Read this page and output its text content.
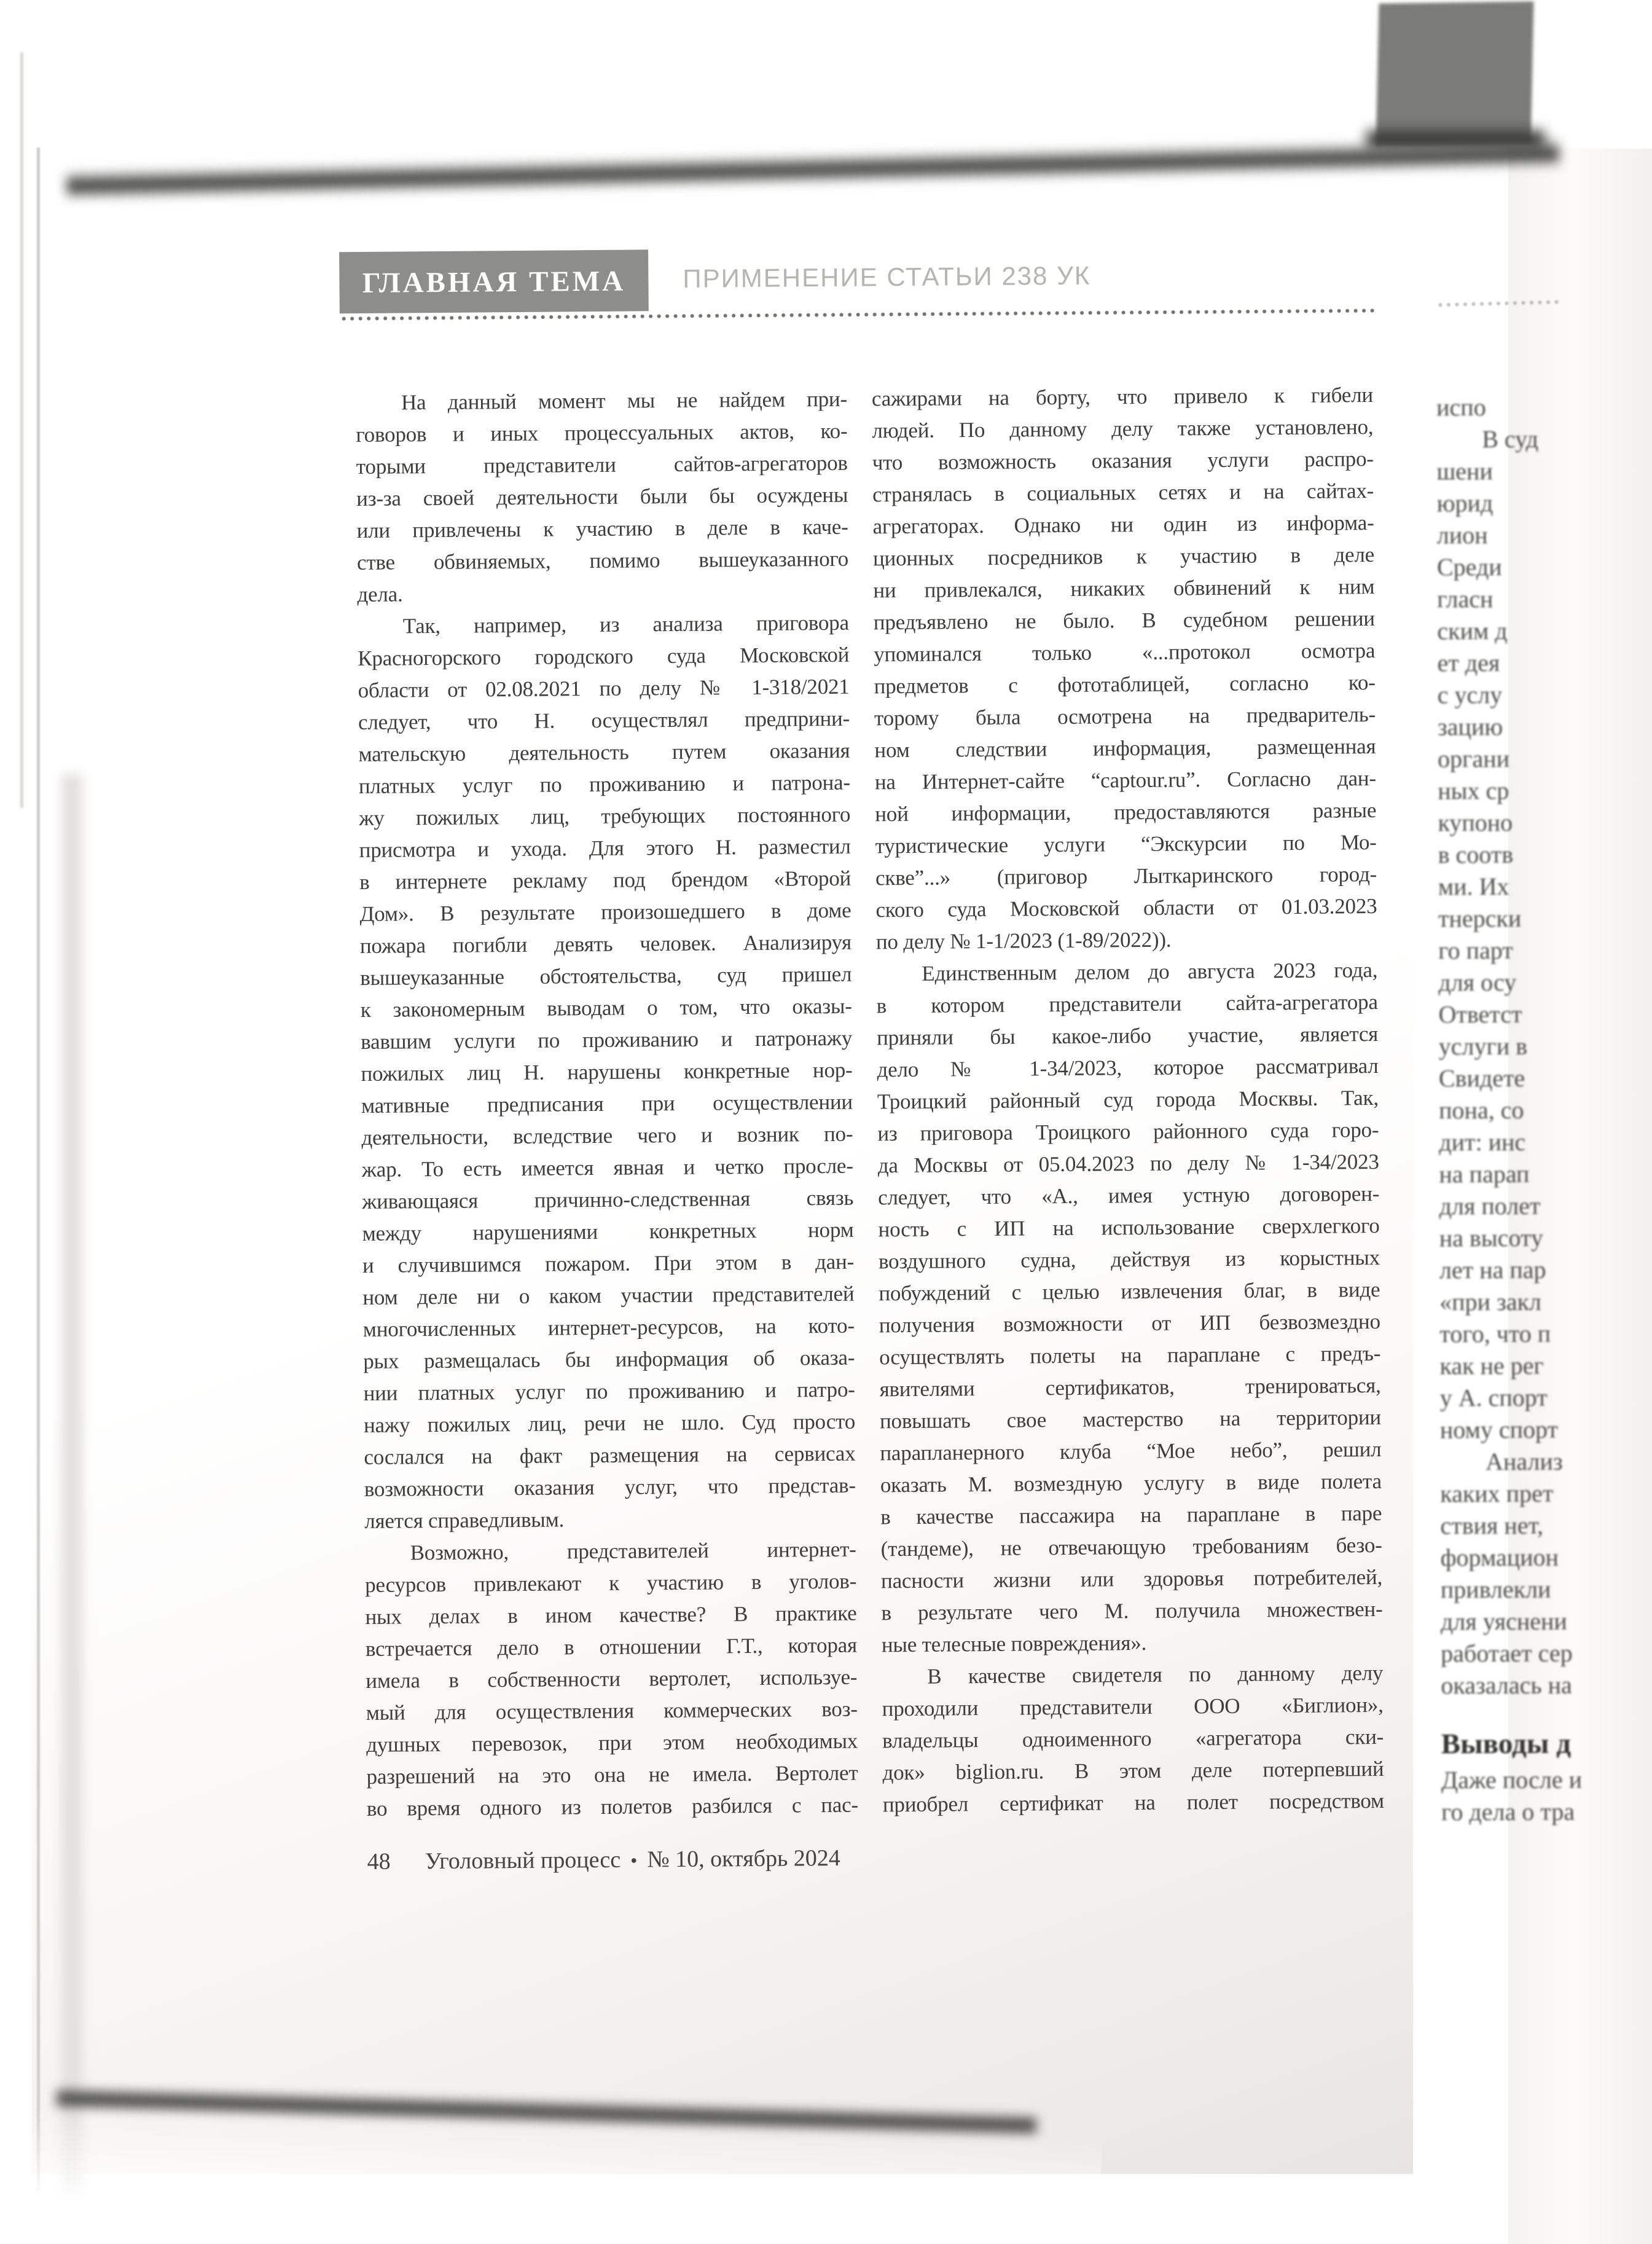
ГЛАВНАЯ ТЕМА	ПРИМЕНЕНИЕ СТАТЬИ 238 УК
На данный момент мы не найдем при-
говоров и иных процессуальных актов, ко-
торыми представители сайтов-агрегаторов
из-за своей деятельности были бы осуждены
или привлечены к участию в деле в каче-
стве обвиняемых, помимо вышеуказанного
дела.
Так, например, из анализа приговора
Красногорского городского суда Московской
области от 02.08.2021 по делу № 1-318/2021
следует, что Н. осуществлял предприни-
мательскую деятельность путем оказания
платных услуг по проживанию и патрона-
жу пожилых лиц, требующих постоянного
присмотра и ухода. Для этого Н. разместил
в интернете рекламу под брендом «Второй
Дом». В результате произошедшего в доме
пожара погибли девять человек. Анализируя
вышеуказанные обстоятельства, суд пришел
к закономерным выводам о том, что оказы-
вавшим услуги по проживанию и патронажу
пожилых лиц Н. нарушены конкретные нор-
мативные предписания при осуществлении
деятельности, вследствие чего и возник по-
жар. То есть имеется явная и четко просле-
живающаяся причинно-следственная связь
между нарушениями конкретных норм
и случившимся пожаром. При этом в дан-
ном деле ни о каком участии представителей
многочисленных интернет-ресурсов, на кото-
рых размещалась бы информация об оказа-
нии платных услуг по проживанию и патро-
нажу пожилых лиц, речи не шло. Суд просто
сослался на факт размещения на сервисах
возможности оказания услуг, что представ-
ляется справедливым.
Возможно, представителей интернет-
ресурсов привлекают к участию в уголов-
ных делах в ином качестве? В практике
встречается дело в отношении Г.Т., которая
имела в собственности вертолет, используе-
мый для осуществления коммерческих воз-
душных перевозок, при этом необходимых
разрешений на это она не имела. Вертолет
во время одного из полетов разбился с пас-
сажирами на борту, что привело к гибели
людей. По данному делу также установлено,
что возможность оказания услуги распро-
странялась в социальных сетях и на сайтах-
агрегаторах. Однако ни один из информа-
ционных посредников к участию в деле
ни привлекался, никаких обвинений к ним
предъявлено не было. В судебном решении
упоминался только «...протокол осмотра
предметов с фототаблицей, согласно ко-
торому была осмотрена на предваритель-
ном следствии информация, размещенная
на Интернет-сайте “captour.ru”. Согласно дан-
ной информации, предоставляются разные
туристические услуги “Экскурсии по Мо-
скве”...» (приговор Лыткаринского город-
ского суда Московской области от 01.03.2023
по делу № 1-1/2023 (1-89/2022)).
Единственным делом до августа 2023 года,
в котором представители сайта-агрегатора
приняли бы какое-либо участие, является
дело № 1-34/2023, которое рассматривал
Троицкий районный суд города Москвы. Так,
из приговора Троицкого районного суда горо-
да Москвы от 05.04.2023 по делу № 1-34/2023
следует, что «А., имея устную договорен-
ность с ИП на использование сверхлегкого
воздушного судна, действуя из корыстных
побуждений с целью извлечения благ, в виде
получения возможности от ИП безвозмездно
осуществлять полеты на параплане с предъ-
явителями сертификатов, тренироваться,
повышать свое мастерство на территории
парапланерного клуба “Мое небо”, решил
оказать М. возмездную услугу в виде полета
в качестве пассажира на параплане в паре
(тандеме), не отвечающую требованиям безо-
пасности жизни или здоровья потребителей,
в результате чего М. получила множествен-
ные телесные повреждения».
В качестве свидетеля по данному делу
проходили представители ООО «Биглион»,
владельцы одноименного «агрегатора ски-
док» biglion.ru. В этом деле потерпевший
приобрел сертификат на полет посредством
испо
В суд
шени
юрид
лион
Среди
гласн
ским д
ет дея
с услу
зацию
органи
ных ср
купоно
в соотв
ми. Их
тнерски
го парт
для осу
Ответст
услуги в
Свидете
пона, со
дит: инс
на парап
для полет
на высоту
лет на пар
«при закл
того, что п
как не рег
у А. спорт
ному спорт
Анализ
каких прет
ствия нет,
формацион
привлекли
для уяснени
работает сер
оказалась на
Выводы д
Даже после и
го дела о тра
48 Уголовный процесс • № 10, октябрь 2024
